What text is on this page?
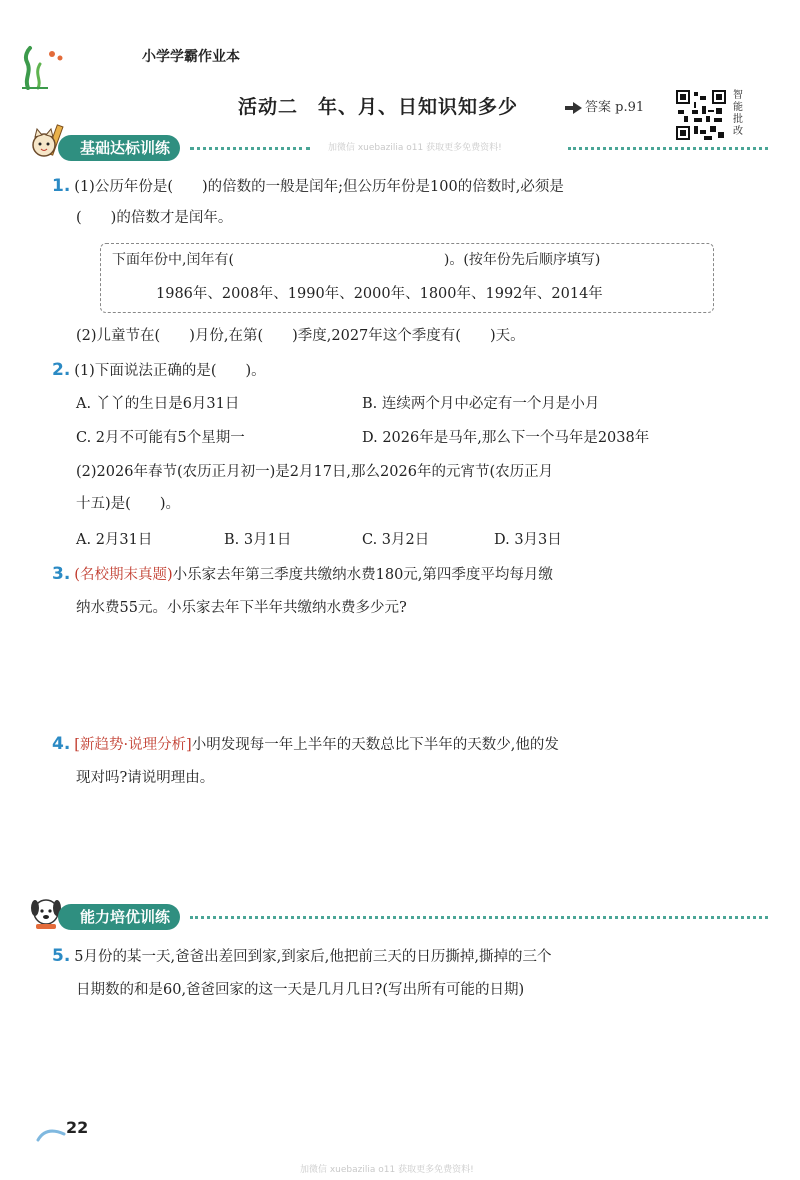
小学学霸作业本
活动二　年、月、日知识知多少	答案 p.91
智
能
批
改
基础达标训练	加微信 xuebazilia o11 获取更多免费资料!
1. (1)公历年份是(　　)的倍数的一般是闰年;但公历年份是100的倍数时,必须是
(　　)的倍数才是闰年。
下面年份中,闰年有(　　　　　　　　　　　　　　　)。(按年份先后顺序填写)
1986年、2008年、1990年、2000年、1800年、1992年、2014年
(2)儿童节在(　　)月份,在第(　　)季度,2027年这个季度有(　　)天。
2. (1)下面说法正确的是(　　)。
A. 丫丫的生日是6月31日	B. 连续两个月中必定有一个月是小月
C. 2月不可能有5个星期一	D. 2026年是马年,那么下一个马年是2038年
(2)2026年春节(农历正月初一)是2月17日,那么2026年的元宵节(农历正月
十五)是(　　)。
A. 2月31日	B. 3月1日	C. 3月2日	D. 3月3日
3. (名校期末真题)小乐家去年第三季度共缴纳水费180元,第四季度平均每月缴
纳水费55元。小乐家去年下半年共缴纳水费多少元?
4. [新趋势·说理分析]小明发现每一年上半年的天数总比下半年的天数少,他的发
现对吗?请说明理由。
能力培优训练
5. 5月份的某一天,爸爸出差回到家,到家后,他把前三天的日历撕掉,撕掉的三个
日期数的和是60,爸爸回家的这一天是几月几日?(写出所有可能的日期)
22
加微信 xuebazilia o11 获取更多免费资料!
